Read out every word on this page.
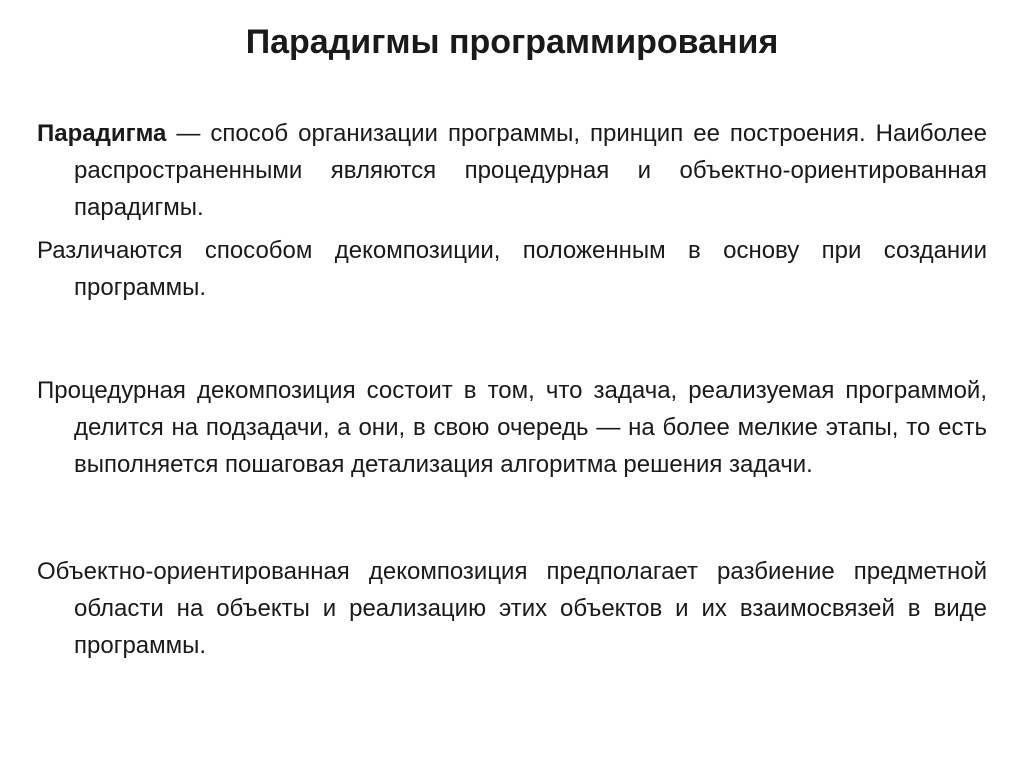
Парадигмы программирования

Парадигма — способ организации программы, принцип ее построения. Наиболее распространенными являются процедурная и объектно-ориентированная парадигмы.

Различаются способом декомпозиции, положенным в основу при создании программы.

Процедурная декомпозиция состоит в том, что задача, реализуемая программой, делится на подзадачи, а они, в свою очередь — на более мелкие этапы, то есть выполняется пошаговая детализация алгоритма решения задачи.

Объектно-ориентированная декомпозиция предполагает разбиение предметной области на объекты и реализацию этих объектов и их взаимосвязей в виде программы.
